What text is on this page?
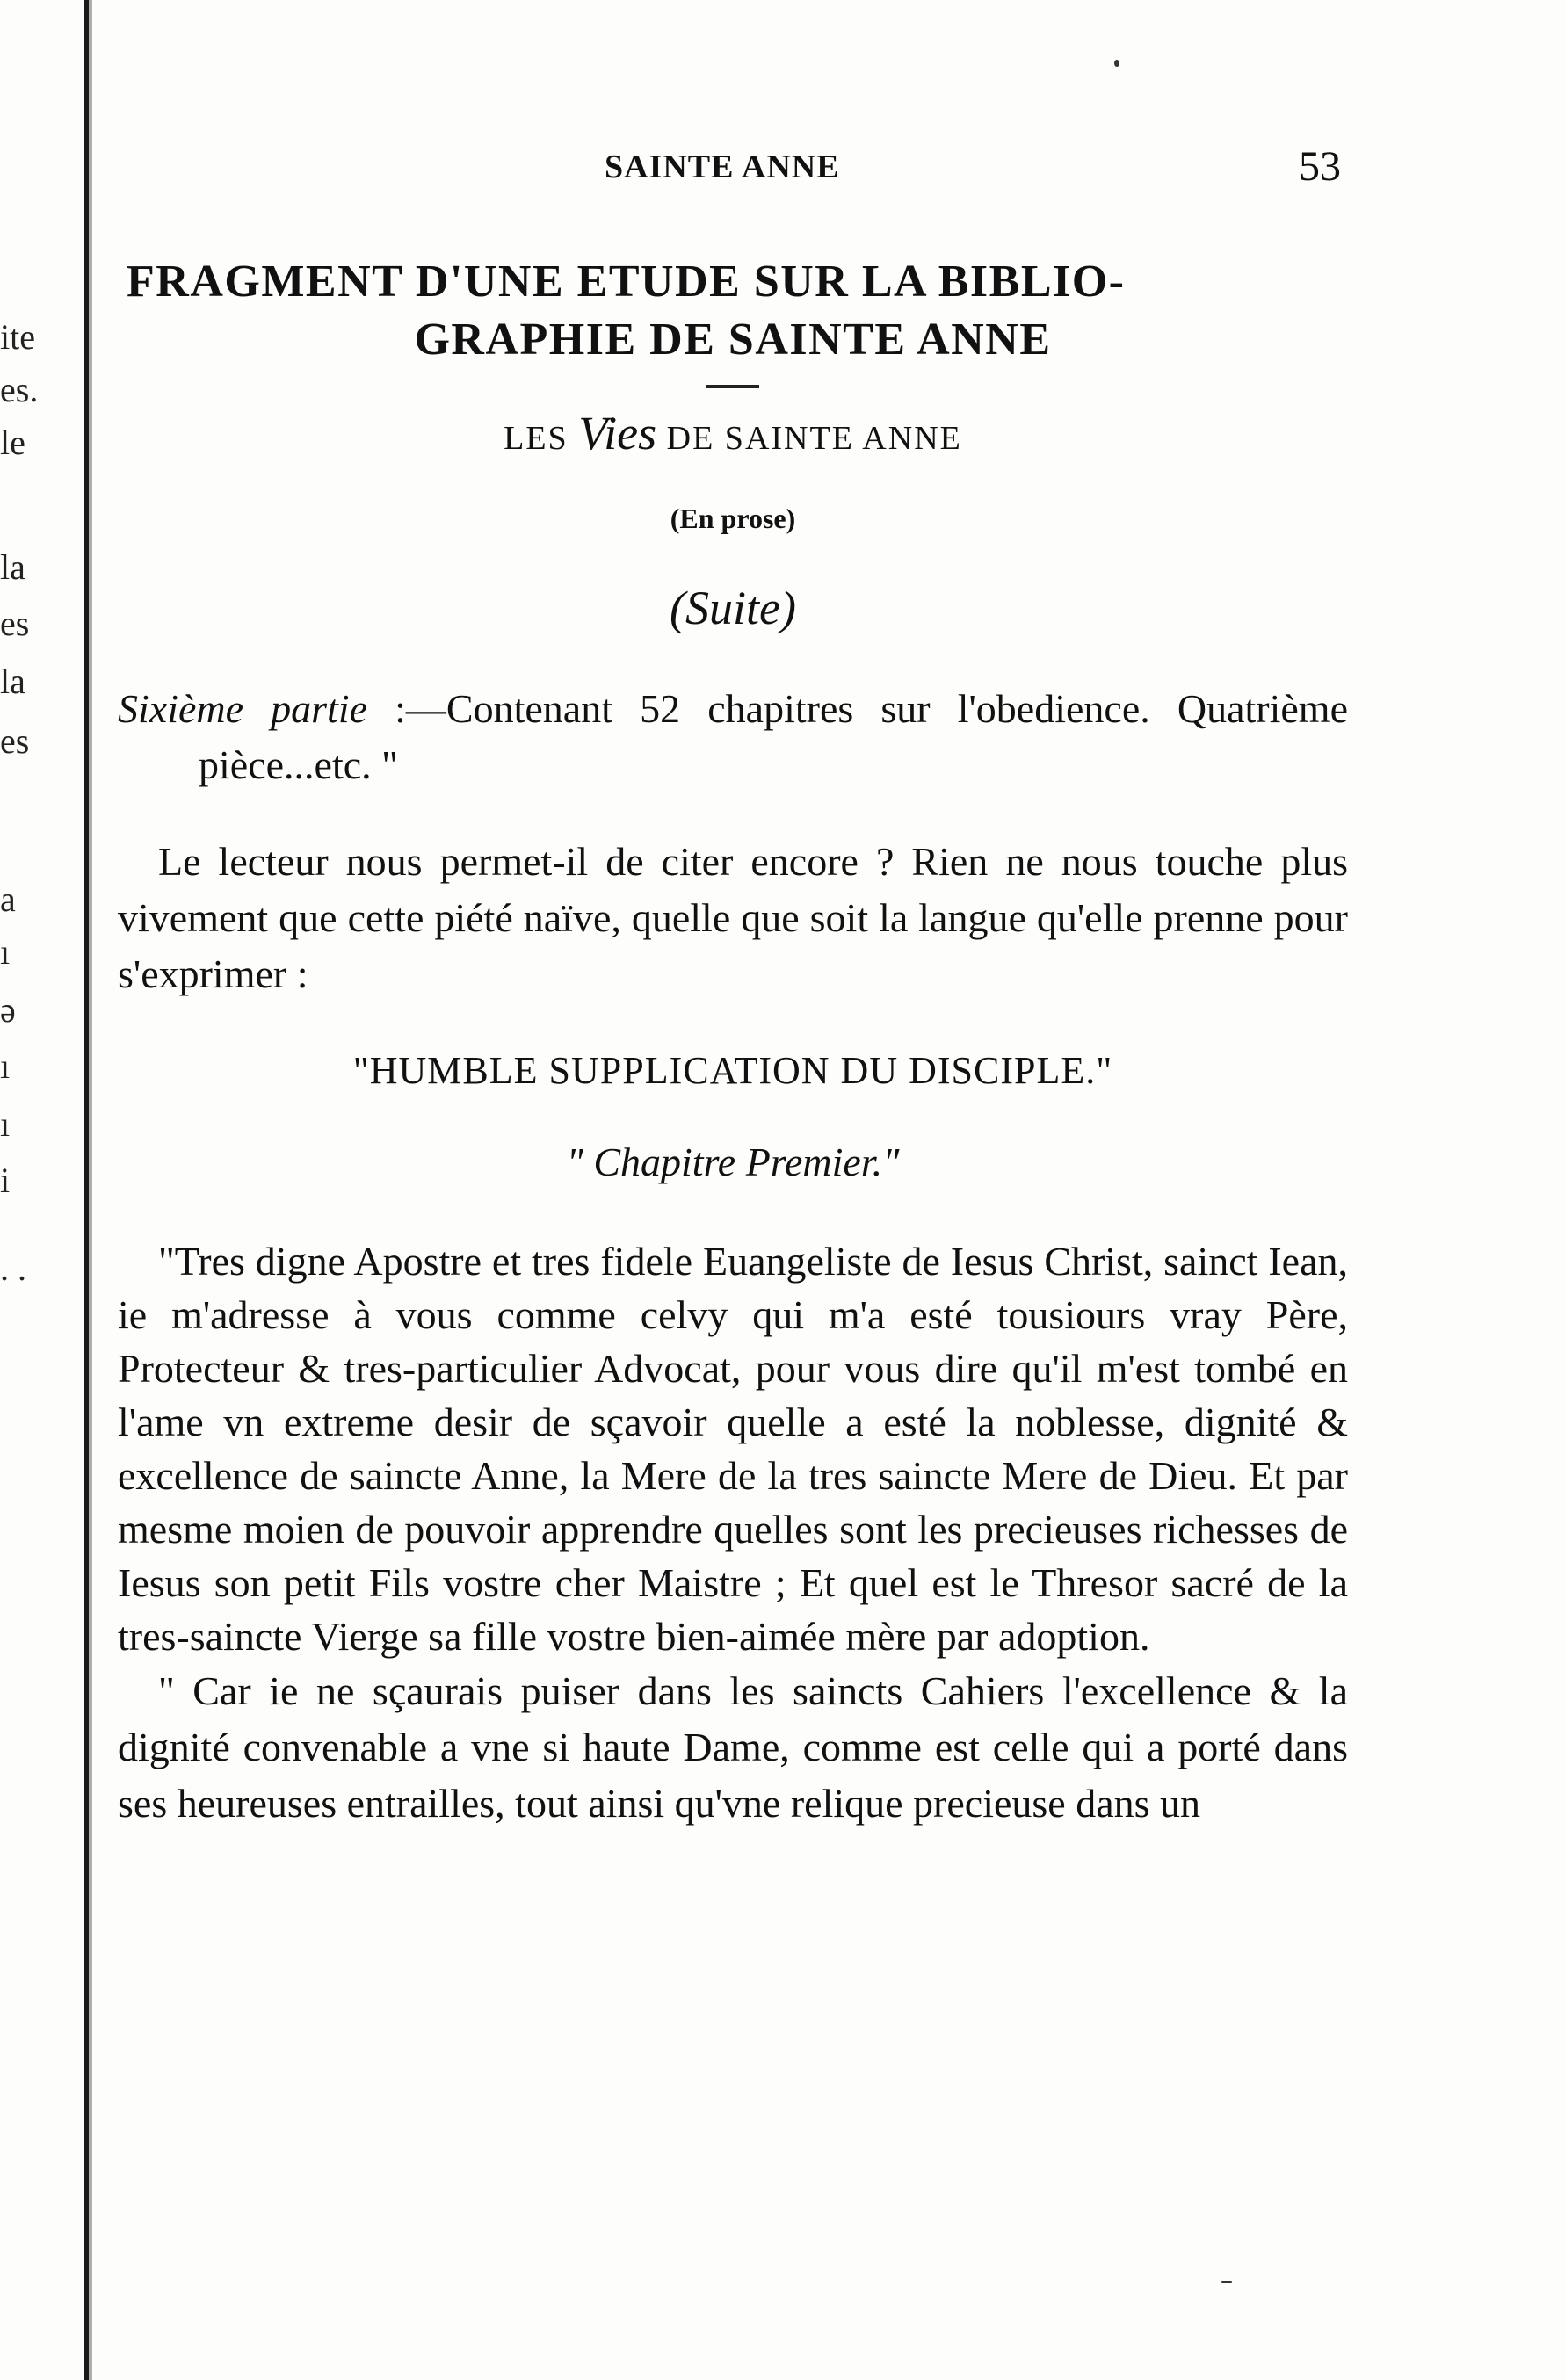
ite
es.
le
la
es
la
es
a
ı
ə
ı
ı
i
. .
SAINTE ANNE	53
FRAGMENT D'UNE ETUDE SUR LA BIBLIO-
GRAPHIE DE SAINTE ANNE

LES Vies DE SAINTE ANNE

(En prose)
(Suite)

Sixième partie :—Contenant 52 chapitres sur l'obedience. Quatrième pièce...etc. "

Le lecteur nous permet-il de citer encore ? Rien ne nous touche plus vivement que cette piété naïve, quelle que soit la langue qu'elle prenne pour s'exprimer :

"HUMBLE SUPPLICATION DU DISCIPLE."
" Chapitre Premier."

"Tres digne Apostre et tres fidele Euangeliste de Iesus Christ, sainct Iean, ie m'adresse à vous comme celvy qui m'a esté tousiours vray Père, Protecteur & tres-particulier Advocat, pour vous dire qu'il m'est tombé en l'ame vn extreme desir de sçavoir quelle a esté la noblesse, dignité & excellence de saincte Anne, la Mere de la tres saincte Mere de Dieu. Et par mesme moien de pouvoir apprendre quelles sont les precieuses richesses de Iesus son petit Fils vostre cher Maistre ; Et quel est le Thresor sacré de la tres-saincte Vierge sa fille vostre bien-aimée mère par adoption.

" Car ie ne sçaurais puiser dans les saincts Cahiers l'excellence & la dignité convenable a vne si haute Dame, comme est celle qui a porté dans ses heureuses entrailles, tout ainsi qu'vne relique precieuse dans un
